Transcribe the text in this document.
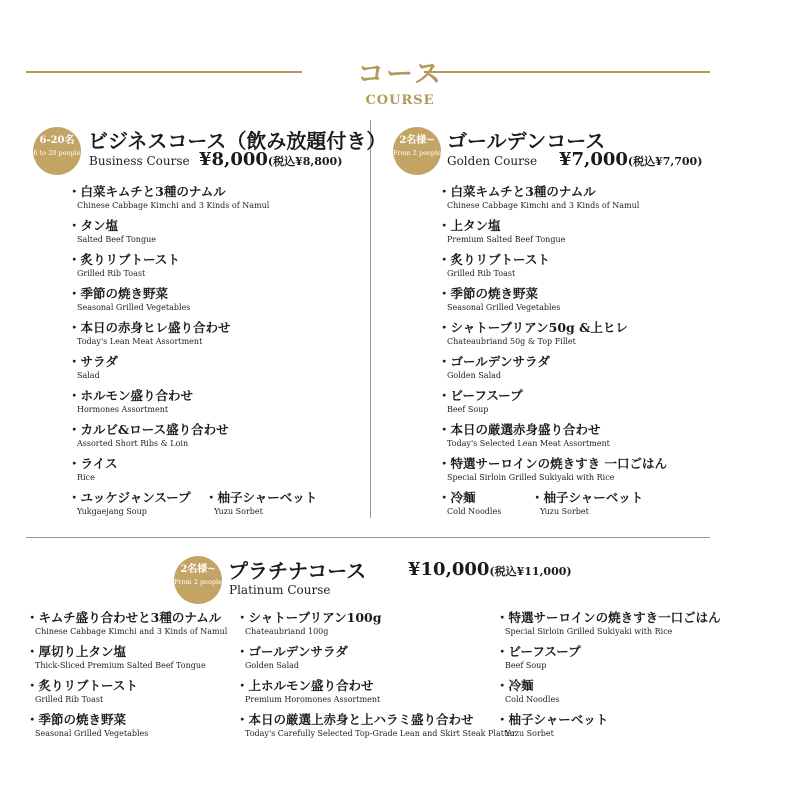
コース
COURSE
6-20名
6 to 20 people ビジネスコース（飲み放題付き）
Business Course ¥8,000(税込¥8,800)
・白菜キムチと3種のナムル
Chinese Cabbage Kimchi and 3 Kinds of Namul
・タン塩
Salted Beef Tongue
・炙りリブトースト
Grilled Rib Toast
・季節の焼き野菜
Seasonal Grilled Vegetables
・本日の赤身ヒレ盛り合わせ
Today's Lean Meat Assortment
・サラダ
Salad
・ホルモン盛り合わせ
Hormones Assortment
・カルビ&ロース盛り合わせ
Assorted Short Ribs & Loin
・ライス
Rice
・ユッケジャンスープ
Yukgaejang Soup
・柚子シャーベット
Yuzu Sorbet
2名様~
From 2 people ゴールデンコース
Golden Course ¥7,000(税込¥7,700)
・白菜キムチと3種のナムル
Chinese Cabbage Kimchi and 3 Kinds of Namul
・上タン塩
Premium Salted Beef Tongue
・炙りリブトースト
Grilled Rib Toast
・季節の焼き野菜
Seasonal Grilled Vegetables
・シャトーブリアン50g &上ヒレ
Chateaubriand 50g & Top Fillet
・ゴールデンサラダ
Golden Salad
・ビーフスープ
Beef Soup
・本日の厳選赤身盛り合わせ
Today's Selected Lean Meat Assortment
・特選サーロインの焼きすき 一口ごはん
Special Sirloin Grilled Sukiyaki with Rice
・冷麺
Cold Noodles
・柚子シャーベット
Yuzu Sorbet
2名様~
From 2 people プラチナコース
Platinum Course
¥10,000(税込¥11,000)
・キムチ盛り合わせと3種のナムル
Chinese Cabbage Kimchi and 3 Kinds of Namul
・厚切り上タン塩
Thick-Sliced Premium Salted Beef Tongue
・炙りリブトースト
Grilled Rib Toast
・季節の焼き野菜
Seasonal Grilled Vegetables
・シャトーブリアン100g
Chateaubriand 100g
・ゴールデンサラダ
Golden Salad
・上ホルモン盛り合わせ
Premium Horomones Assortment
・本日の厳選上赤身と上ハラミ盛り合わせ
Today's Carefully Selected Top-Grade Lean and Skirt Steak Platter
・特選サーロインの焼きすき一口ごはん
Special Sirloin Grilled Sukiyaki with Rice
・ビーフスープ
Beef Soup
・冷麺
Cold Noodles
・柚子シャーベット
Yuzu Sorbet
